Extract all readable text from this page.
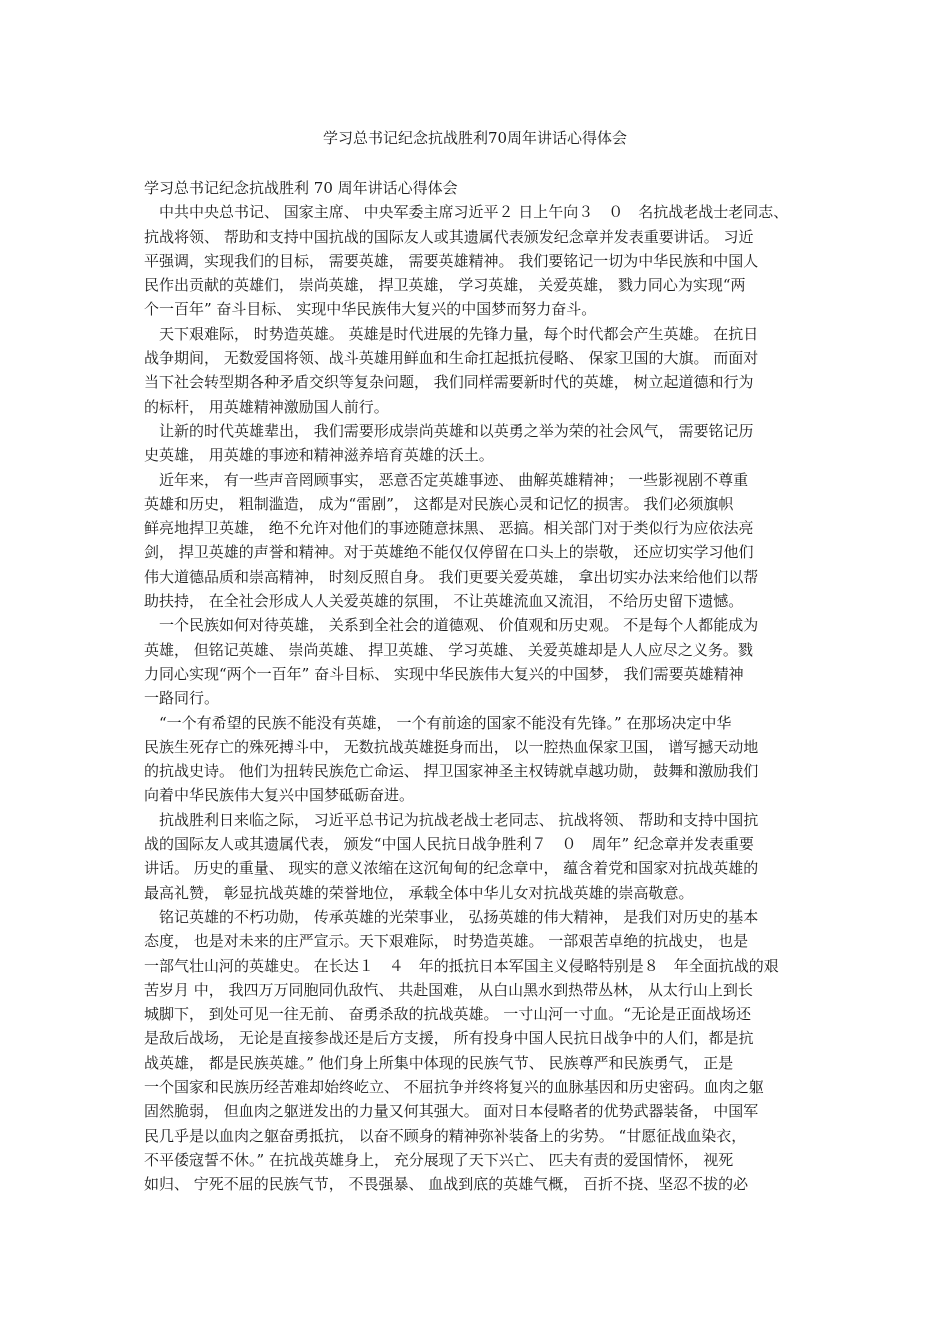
学习总书记纪念抗战胜利70周年讲话心得体会
学习总书记纪念抗战胜利 70 周年讲话心得体会
　中共中央总书记、 国家主席、 中央军委主席习近平２ 日上午向３　０　名抗战老战士老同志、
抗战将领、 帮助和支持中国抗战的国际友人或其遗属代表颁发纪念章并发表重要讲话。 习近
平强调，实现我们的目标， 需要英雄， 需要英雄精神。 我们要铭记一切为中华民族和中国人
民作出贡献的英雄们， 崇尚英雄， 捍卫英雄， 学习英雄， 关爱英雄， 戮力同心为实现“两
个一百年” 奋斗目标、 实现中华民族伟大复兴的中国梦而努力奋斗。
　天下艰难际， 时势造英雄。 英雄是时代进展的先锋力量，每个时代都会产生英雄。 在抗日
战争期间， 无数爱国将领、战斗英雄用鲜血和生命扛起抵抗侵略、 保家卫国的大旗。 而面对
当下社会转型期各种矛盾交织等复杂问题， 我们同样需要新时代的英雄， 树立起道德和行为
的标杆， 用英雄精神激励国人前行。
　让新的时代英雄辈出， 我们需要形成崇尚英雄和以英勇之举为荣的社会风气， 需要铭记历
史英雄， 用英雄的事迹和精神滋养培育英雄的沃土。
　近年来， 有一些声音罔顾事实， 恶意否定英雄事迹、 曲解英雄精神； 一些影视剧不尊重
英雄和历史， 粗制滥造， 成为“雷剧”， 这都是对民族心灵和记忆的损害。 我们必须旗帜
鲜亮地捍卫英雄， 绝不允许对他们的事迹随意抹黑、 恶搞。相关部门对于类似行为应依法亮
剑， 捍卫英雄的声誉和精神。对于英雄绝不能仅仅停留在口头上的崇敬， 还应切实学习他们
伟大道德品质和崇高精神， 时刻反照自身。 我们更要关爱英雄， 拿出切实办法来给他们以帮
助扶持， 在全社会形成人人关爱英雄的氛围， 不让英雄流血又流泪， 不给历史留下遗憾。
　一个民族如何对待英雄， 关系到全社会的道德观、 价值观和历史观。 不是每个人都能成为
英雄， 但铭记英雄、 崇尚英雄、 捍卫英雄、 学习英雄、 关爱英雄却是人人应尽之义务。戮
力同心实现“两个一百年” 奋斗目标、 实现中华民族伟大复兴的中国梦， 我们需要英雄精神
一路同行。
　“一个有希望的民族不能没有英雄， 一个有前途的国家不能没有先锋。” 在那场决定中华
民族生死存亡的殊死搏斗中， 无数抗战英雄挺身而出， 以一腔热血保家卫国， 谱写撼天动地
的抗战史诗。 他们为扭转民族危亡命运、 捍卫国家神圣主权铸就卓越功勋， 鼓舞和激励我们
向着中华民族伟大复兴中国梦砥砺奋进。
　抗战胜利日来临之际， 习近平总书记为抗战老战士老同志、 抗战将领、 帮助和支持中国抗
战的国际友人或其遗属代表， 颁发“中国人民抗日战争胜利７　０　周年” 纪念章并发表重要
讲话。 历史的重量、 现实的意义浓缩在这沉甸甸的纪念章中， 蕴含着党和国家对抗战英雄的
最高礼赞， 彰显抗战英雄的荣誉地位， 承载全体中华儿女对抗战英雄的崇高敬意。
　铭记英雄的不朽功勋， 传承英雄的光荣事业， 弘扬英雄的伟大精神， 是我们对历史的基本
态度， 也是对未来的庄严宣示。天下艰难际， 时势造英雄。 一部艰苦卓绝的抗战史， 也是
一部气壮山河的英雄史。 在长达１　４　年的抵抗日本军国主义侵略特别是８　年全面抗战的艰
苦岁月 中， 我四万万同胞同仇敌忾、 共赴国难， 从白山黑水到热带丛林， 从太行山上到长
城脚下， 到处可见一往无前、 奋勇杀敌的抗战英雄。 一寸山河一寸血。“无论是正面战场还
是敌后战场， 无论是直接参战还是后方支援， 所有投身中国人民抗日战争中的人们，都是抗
战英雄， 都是民族英雄。” 他们身上所集中体现的民族气节、 民族尊严和民族勇气， 正是
一个国家和民族历经苦难却始终屹立、 不屈抗争并终将复兴的血脉基因和历史密码。血肉之躯
固然脆弱， 但血肉之躯迸发出的力量又何其强大。 面对日本侵略者的优势武器装备， 中国军
民几乎是以血肉之躯奋勇抵抗， 以奋不顾身的精神弥补装备上的劣势。 “甘愿征战血染衣，
不平倭寇誓不休。” 在抗战英雄身上， 充分展现了天下兴亡、 匹夫有责的爱国情怀， 视死
如归、 宁死不屈的民族气节， 不畏强暴、 血战到底的英雄气概， 百折不挠、坚忍不拔的必
